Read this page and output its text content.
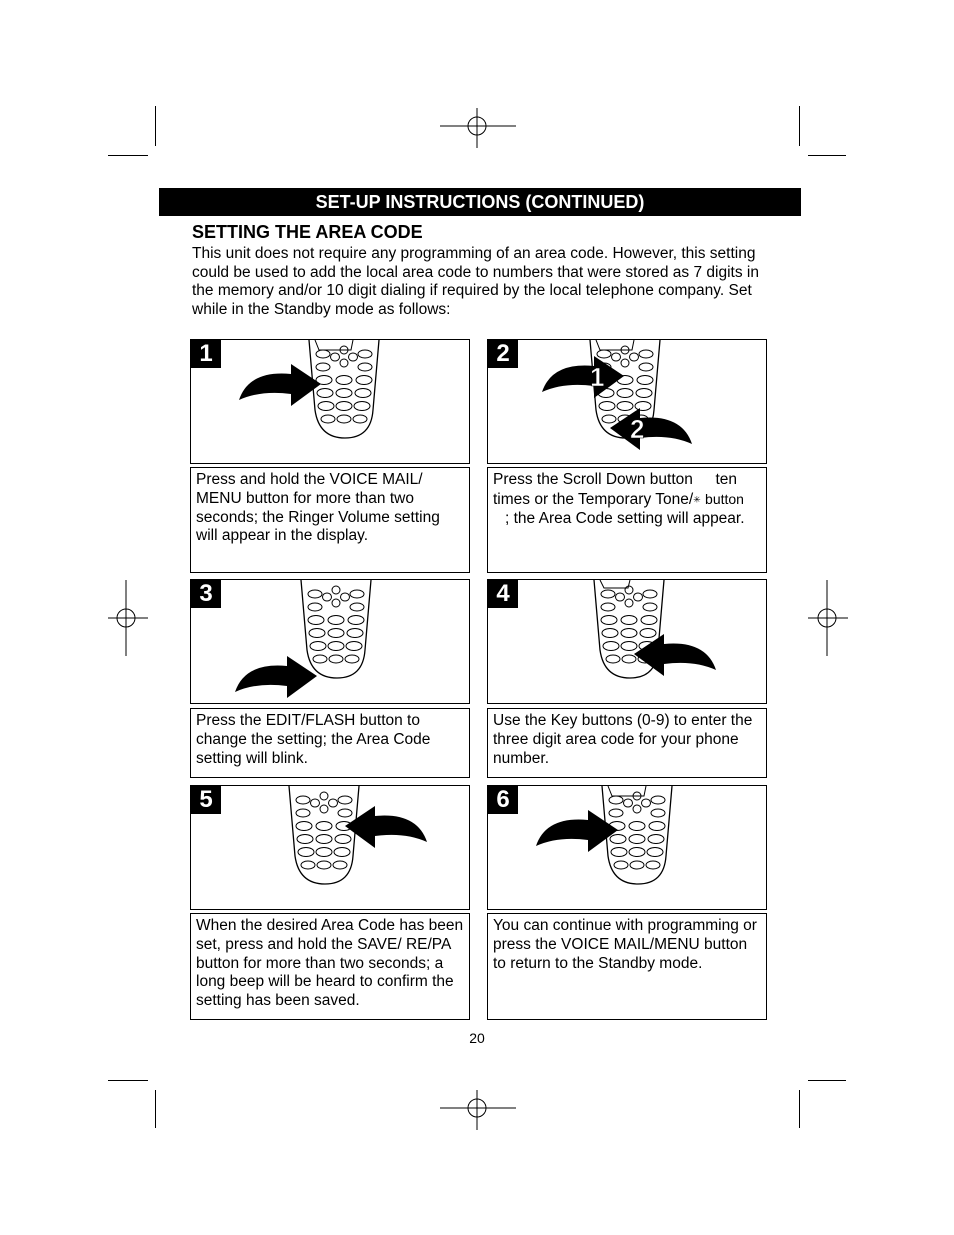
SET-UP INSTRUCTIONS (CONTINUED)
SETTING THE AREA CODE
This unit does not require any programming of an area code. However, this setting could be used to add the local area code to numbers that were stored as 7 digits in the memory and/or 10 digit dialing if required by the local telephone company. Set while in the Standby mode as follows:
1
Press and hold the VOICE MAIL/ MENU button for more than two seconds; the Ringer Volume setting will appear in the display.
2
1
2
Press the Scroll Down button ten
times or the Temporary Tone/✳ button
; the Area Code setting will appear.
3
Press the EDIT/FLASH button to change the setting; the Area Code setting will blink.
4
Use the Key buttons (0-9) to enter the three digit area code for your phone number.
5
When the desired Area Code has been set, press and hold the SAVE/ RE/PA button for more than two seconds; a long beep will be heard to confirm the setting has been saved.
6
You can continue with programming or press the VOICE MAIL/MENU button to return to the Standby mode.
20
